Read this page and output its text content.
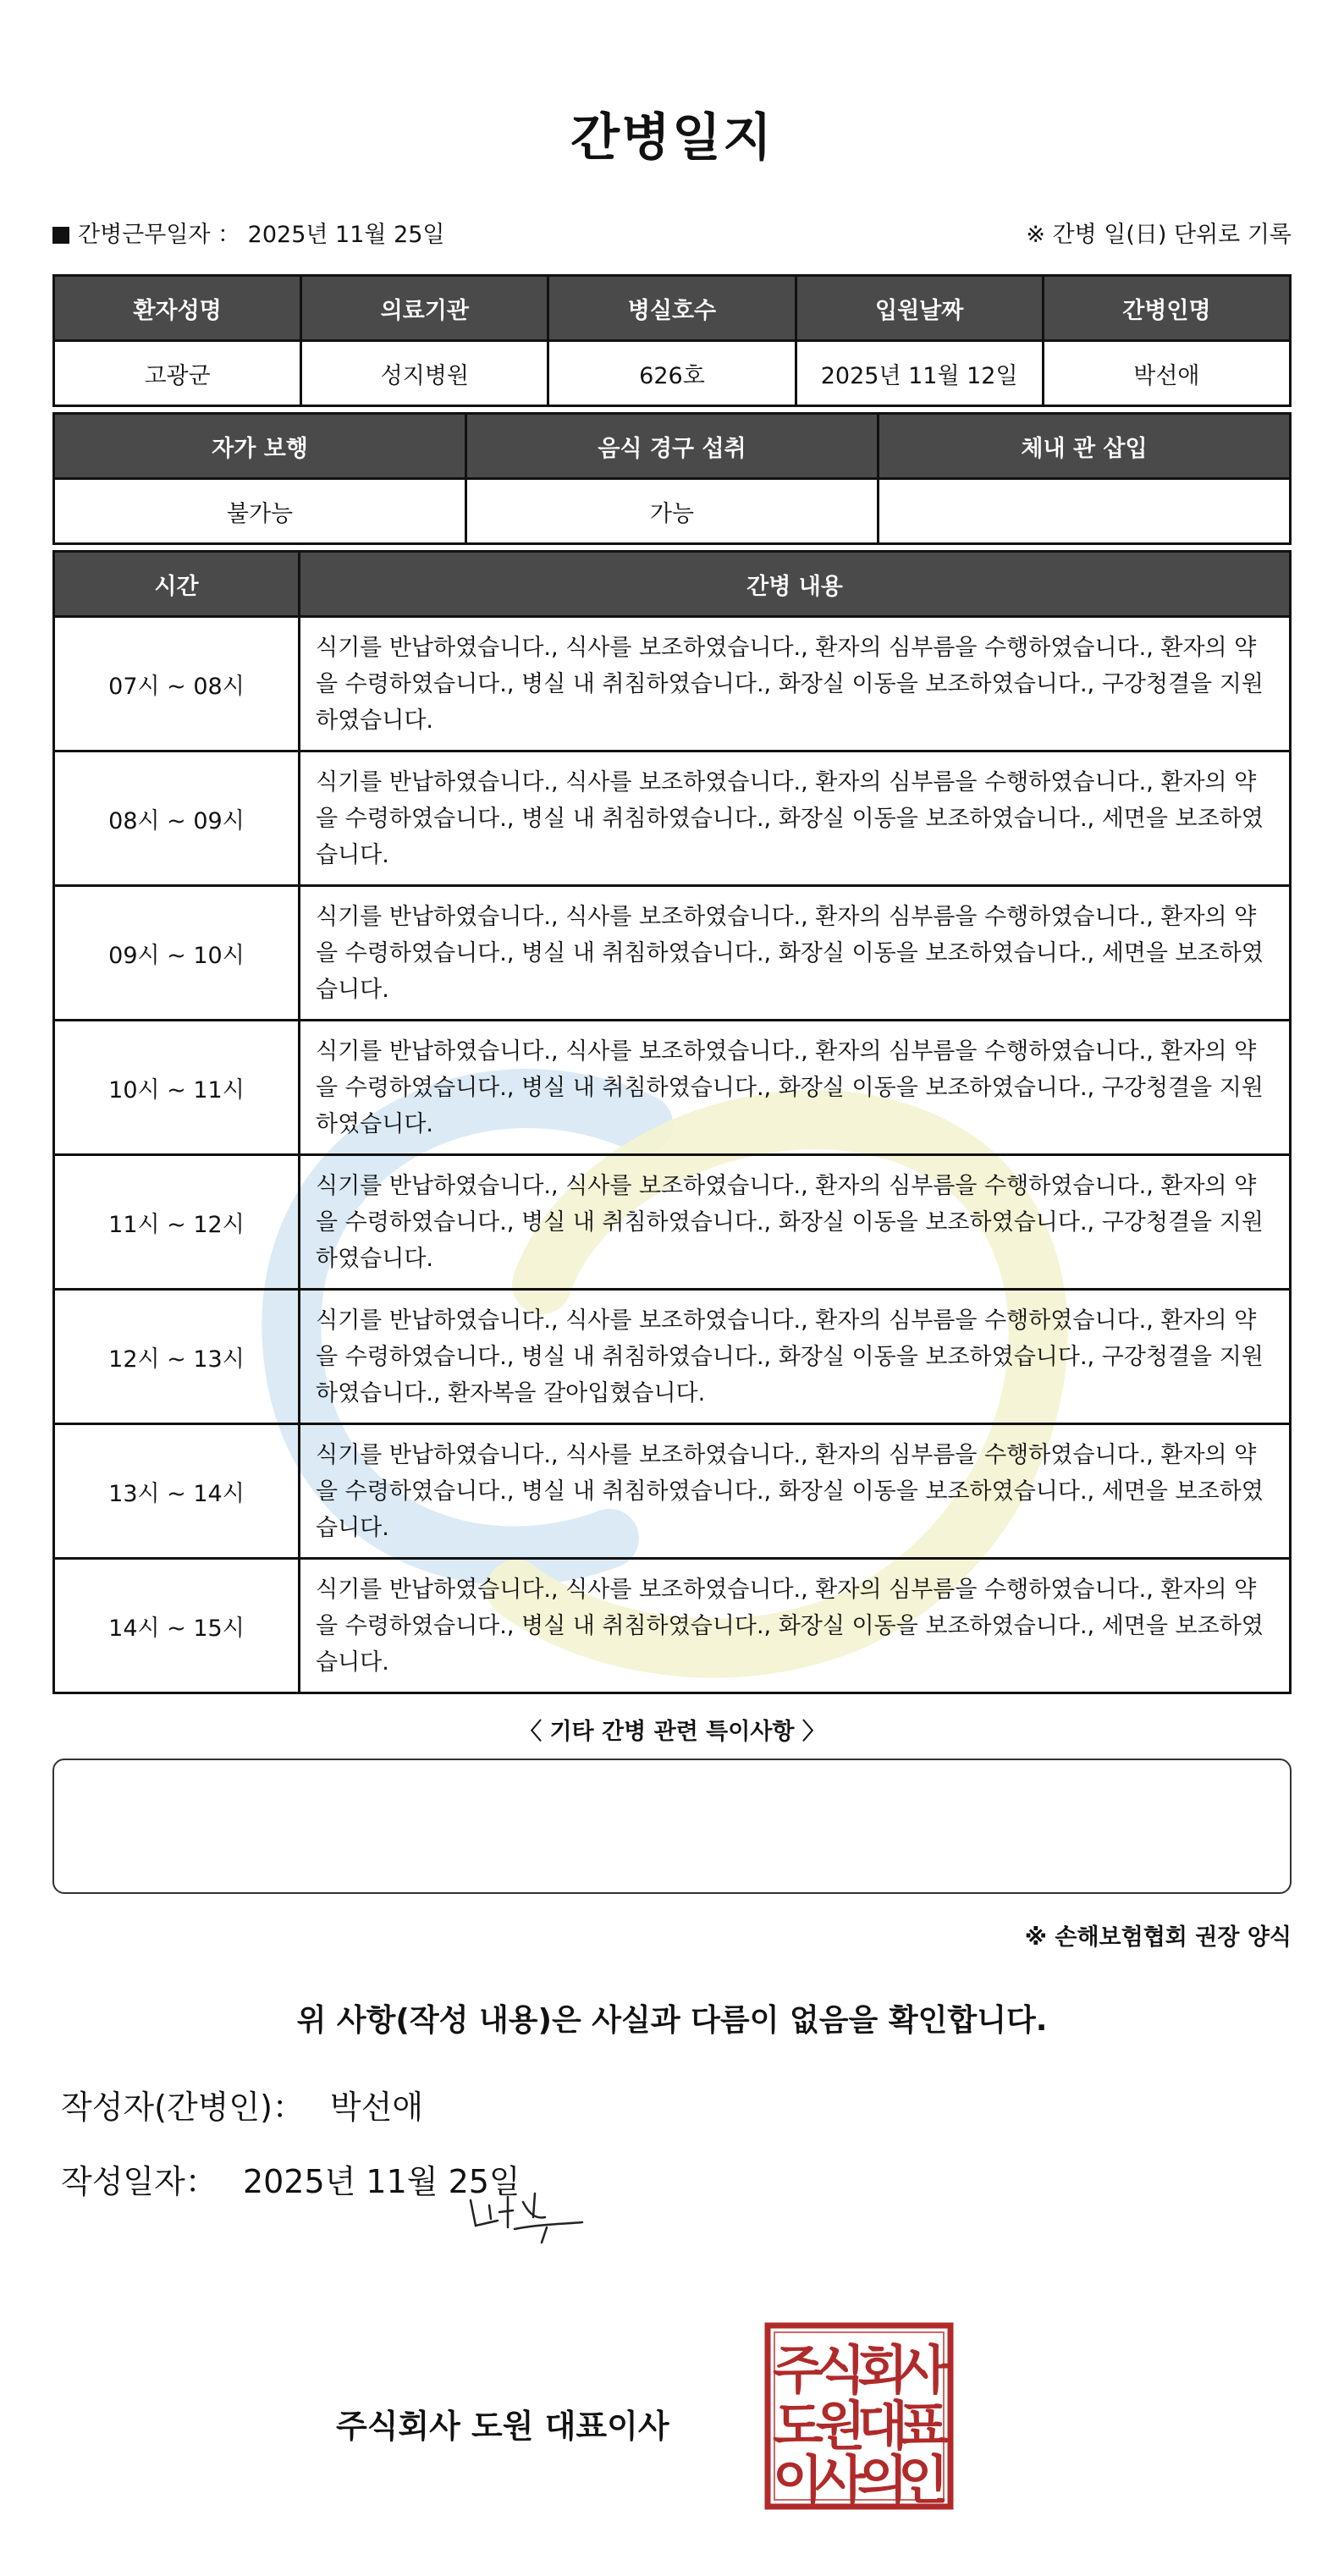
간병일지
간병근무일자 ： 2025년 11월 25일	※ 간병 일(日) 단위로 기록
환자성명	의료기관	병실호수	입원날짜	간병인명
고광군	성지병원	626호	2025년 11월 12일	박선애
자가 보행	음식 경구 섭취	체내 관 삽입
불가능	가능	
시간	간병 내용
07시 ~ 08시	식기를 반납하였습니다., 식사를 보조하였습니다., 환자의 심부름을 수행하였습니다., 환자의 약을 수령하였습니다., 병실 내 취침하였습니다., 화장실 이동을 보조하였습니다., 구강청결을 지원하였습니다.
08시 ~ 09시	식기를 반납하였습니다., 식사를 보조하였습니다., 환자의 심부름을 수행하였습니다., 환자의 약을 수령하였습니다., 병실 내 취침하였습니다., 화장실 이동을 보조하였습니다., 세면을 보조하였습니다.
09시 ~ 10시	식기를 반납하였습니다., 식사를 보조하였습니다., 환자의 심부름을 수행하였습니다., 환자의 약을 수령하였습니다., 병실 내 취침하였습니다., 화장실 이동을 보조하였습니다., 세면을 보조하였습니다.
10시 ~ 11시	식기를 반납하였습니다., 식사를 보조하였습니다., 환자의 심부름을 수행하였습니다., 환자의 약을 수령하였습니다., 병실 내 취침하였습니다., 화장실 이동을 보조하였습니다., 구강청결을 지원하였습니다.
11시 ~ 12시	식기를 반납하였습니다., 식사를 보조하였습니다., 환자의 심부름을 수행하였습니다., 환자의 약을 수령하였습니다., 병실 내 취침하였습니다., 화장실 이동을 보조하였습니다., 구강청결을 지원하였습니다.
12시 ~ 13시	식기를 반납하였습니다., 식사를 보조하였습니다., 환자의 심부름을 수행하였습니다., 환자의 약을 수령하였습니다., 병실 내 취침하였습니다., 화장실 이동을 보조하였습니다., 구강청결을 지원하였습니다., 환자복을 갈아입혔습니다.
13시 ~ 14시	식기를 반납하였습니다., 식사를 보조하였습니다., 환자의 심부름을 수행하였습니다., 환자의 약을 수령하였습니다., 병실 내 취침하였습니다., 화장실 이동을 보조하였습니다., 세면을 보조하였습니다.
14시 ~ 15시	식기를 반납하였습니다., 식사를 보조하였습니다., 환자의 심부름을 수행하였습니다., 환자의 약을 수령하였습니다., 병실 내 취침하였습니다., 화장실 이동을 보조하였습니다., 세면을 보조하였습니다.
〈 기타 간병 관련 특이사항 〉
※ 손해보험협회 권장 양식
위 사항(작성 내용)은 사실과 다름이 없음을 확인합니다.
작성자(간병인)： 박선애
작성일자： 2025년 11월 25일
주식회사 도원 대표이사
주
식
회
사
도
원
대
표
이
사
의
인
